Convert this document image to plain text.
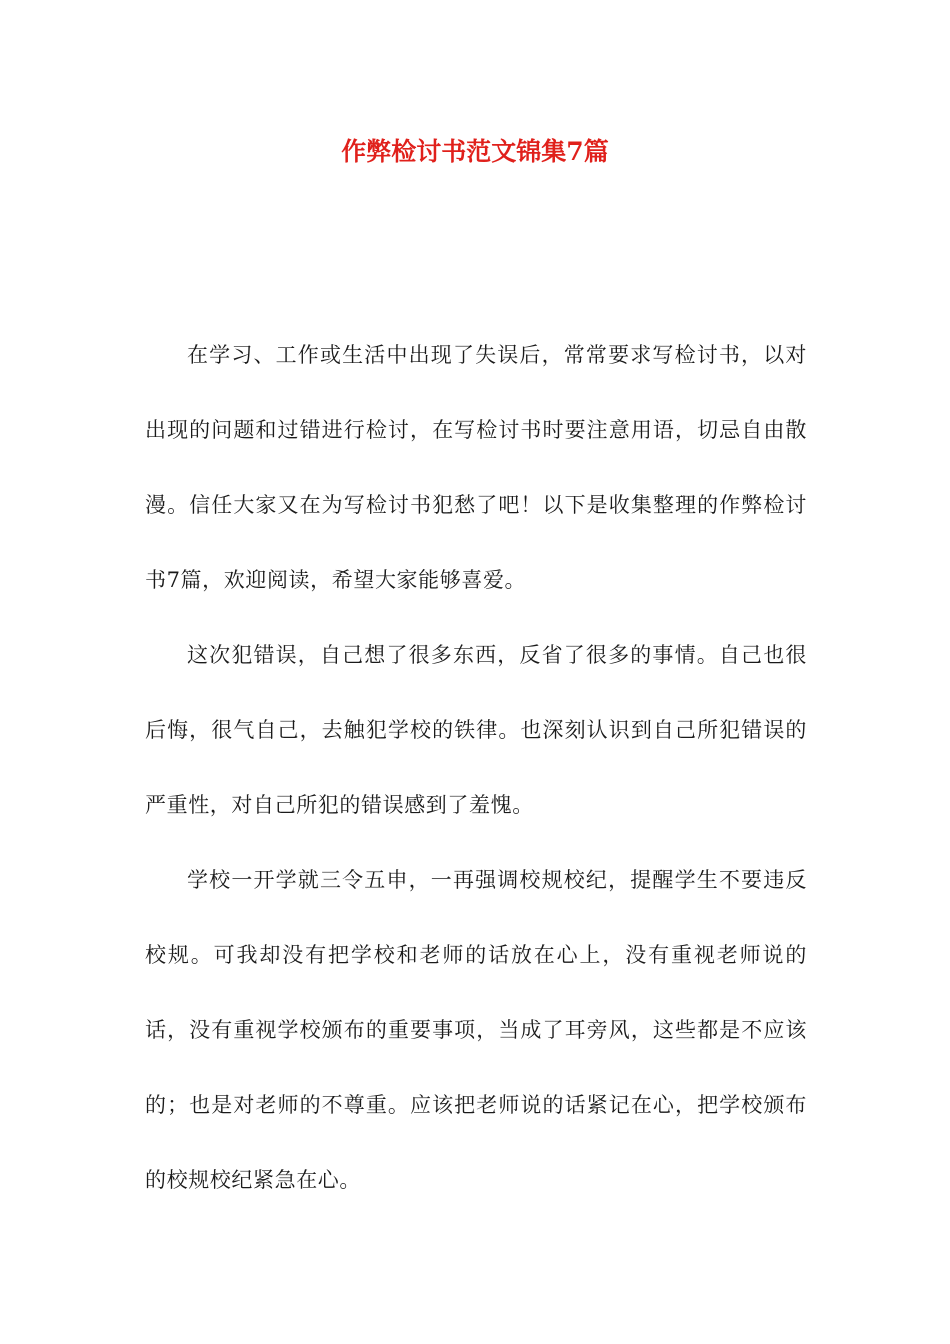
作弊检讨书范文锦集7篇

在学习、工作或生活中出现了失误后，常常要求写检讨书，以对出现的问题和过错进行检讨，在写检讨书时要注意用语，切忌自由散漫。信任大家又在为写检讨书犯愁了吧！以下是收集整理的作弊检讨书7篇，欢迎阅读，希望大家能够喜爱。

这次犯错误，自己想了很多东西，反省了很多的事情。自己也很后悔，很气自己，去触犯学校的铁律。也深刻认识到自己所犯错误的严重性，对自己所犯的错误感到了羞愧。

学校一开学就三令五申，一再强调校规校纪，提醒学生不要违反校规。可我却没有把学校和老师的话放在心上，没有重视老师说的话，没有重视学校颁布的重要事项，当成了耳旁风，这些都是不应该的；也是对老师的不尊重。应该把老师说的话紧记在心，把学校颁布的校规校纪紧急在心。
